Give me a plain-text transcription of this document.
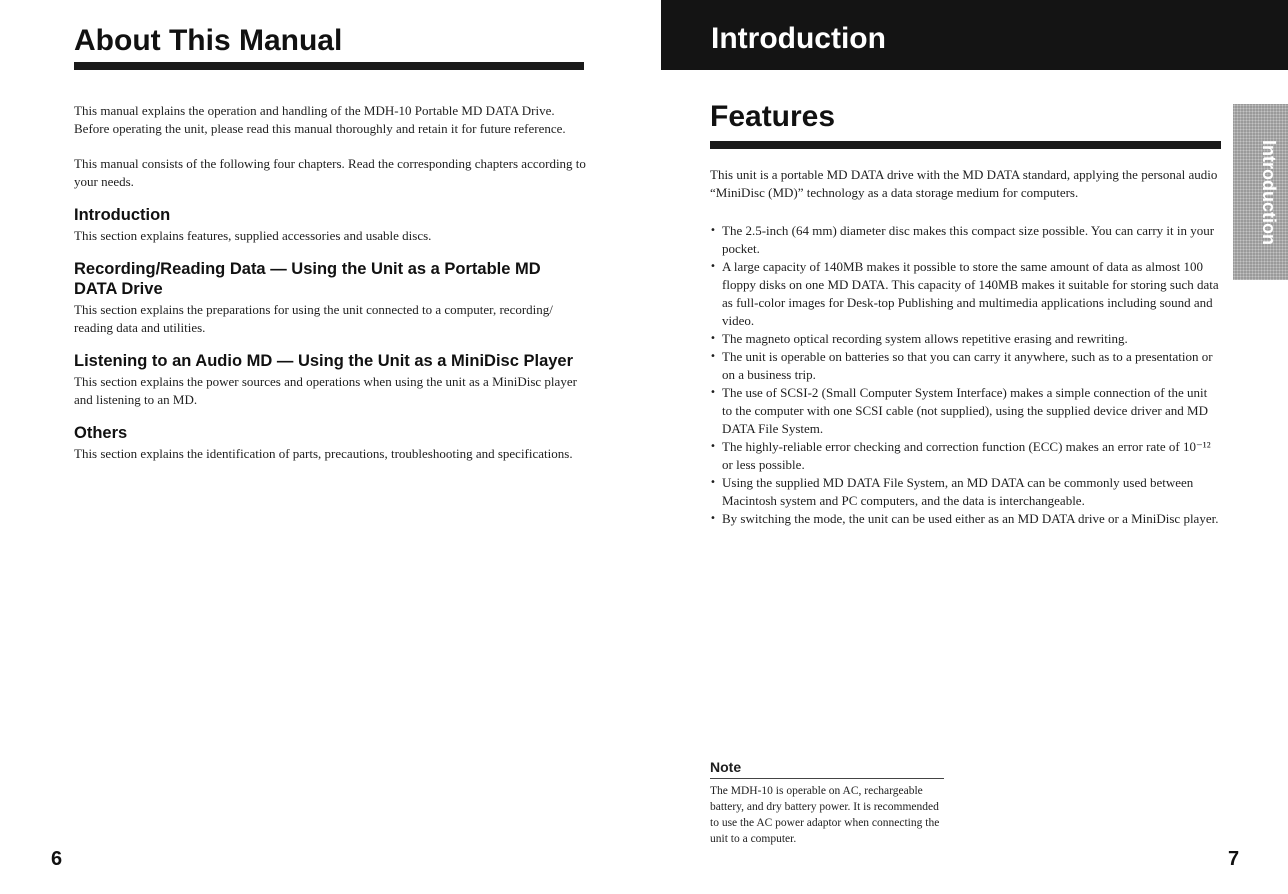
About This Manual

This manual explains the operation and handling of the MDH-10 Portable MD DATA Drive. Before operating the unit, please read this manual thoroughly and retain it for future reference.

This manual consists of the following four chapters. Read the corresponding chapters according to your needs.

Introduction

This section explains features, supplied accessories and usable discs.

Recording/Reading Data — Using the Unit as a Portable MD DATA Drive

This section explains the preparations for using the unit connected to a computer, recording/ reading data and utilities.

Listening to an Audio MD — Using the Unit as a MiniDisc Player

This section explains the power sources and operations when using the unit as a MiniDisc player and listening to an MD.

Others

This section explains the identification of parts, precautions, troubleshooting and specifications.

6

Introduction
Features

This unit is a portable MD DATA drive with the MD DATA standard, applying the personal audio “MiniDisc (MD)” technology as a data storage medium for computers.

• The 2.5-inch (64 mm) diameter disc makes this compact size possible. You can carry it in your pocket.
• A large capacity of 140MB makes it possible to store the same amount of data as almost 100 floppy disks on one MD DATA. This capacity of 140MB makes it suitable for storing such data as full-color images for Desk-top Publishing and multimedia applications including sound and video.
• The magneto optical recording system allows repetitive erasing and rewriting.
• The unit is operable on batteries so that you can carry it anywhere, such as to a presentation or on a business trip.
• The use of SCSI-2 (Small Computer System Interface) makes a simple connection of the unit to the computer with one SCSI cable (not supplied), using the supplied device driver and MD DATA File System.
• The highly-reliable error checking and correction function (ECC) makes an error rate of 10⁻¹² or less possible.
• Using the supplied MD DATA File System, an MD DATA can be commonly used between Macintosh system and PC computers, and the data is interchangeable.
• By switching the mode, the unit can be used either as an MD DATA drive or a MiniDisc player.
Introduction

Note

The MDH-10 is operable on AC, rechargeable battery, and dry battery power. It is recommended to use the AC power adaptor when connecting the unit to a computer.

7
